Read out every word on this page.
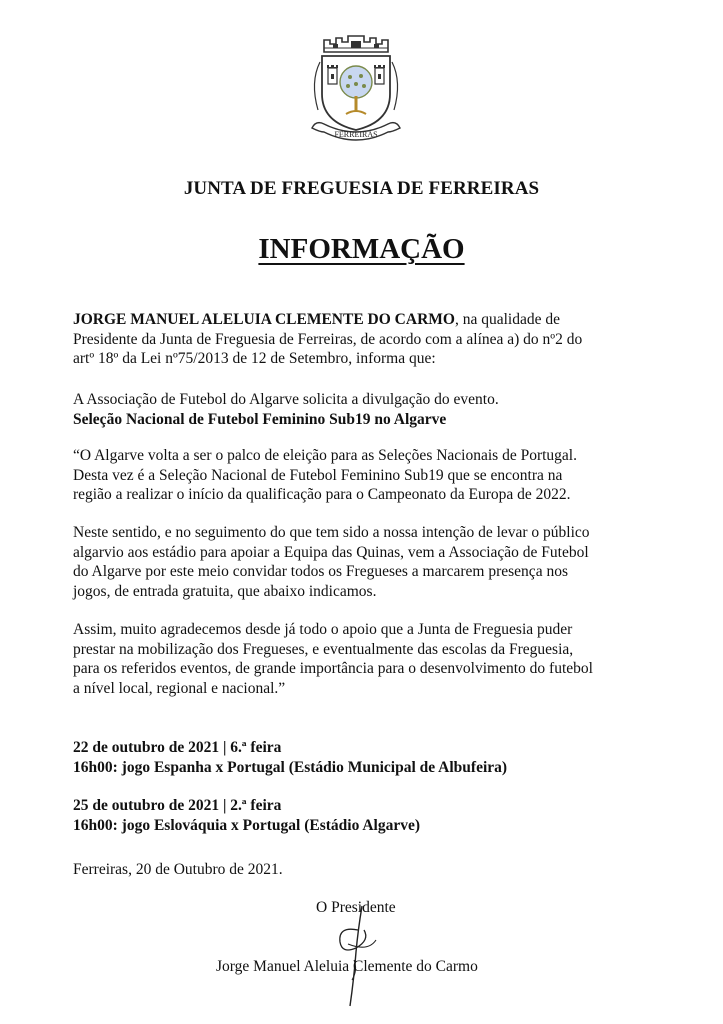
FERREIRAS
JUNTA DE FREGUESIA DE FERREIRAS
INFORMAÇÃO
JORGE MANUEL ALELUIA CLEMENTE DO CARMO, na qualidade de
Presidente da Junta de Freguesia de Ferreiras, de acordo com a alínea a) do nº2 do
artº 18º da Lei nº75/2013 de 12 de Setembro, informa que:
A Associação de Futebol do Algarve solicita a divulgação do evento.
Seleção Nacional de Futebol Feminino Sub19 no Algarve
“O Algarve volta a ser o palco de eleição para as Seleções Nacionais de Portugal.
Desta vez é a Seleção Nacional de Futebol Feminino Sub19 que se encontra na
região a realizar o início da qualificação para o Campeonato da Europa de 2022.
Neste sentido, e no seguimento do que tem sido a nossa intenção de levar o público
algarvio aos estádio para apoiar a Equipa das Quinas, vem a Associação de Futebol
do Algarve por este meio convidar todos os Fregueses a marcarem presença nos
jogos, de entrada gratuita, que abaixo indicamos.
Assim, muito agradecemos desde já todo o apoio que a Junta de Freguesia puder
prestar na mobilização dos Fregueses, e eventualmente das escolas da Freguesia,
para os referidos eventos, de grande importância para o desenvolvimento do futebol
a nível local, regional e nacional.”
22 de outubro de 2021 | 6.ª feira
16h00: jogo Espanha x Portugal (Estádio Municipal de Albufeira)
25 de outubro de 2021 | 2.ª feira
16h00: jogo Eslováquia x Portugal (Estádio Algarve)
Ferreiras, 20 de Outubro de 2021.
O Presidente
Jorge Manuel Aleluia Clemente do Carmo
